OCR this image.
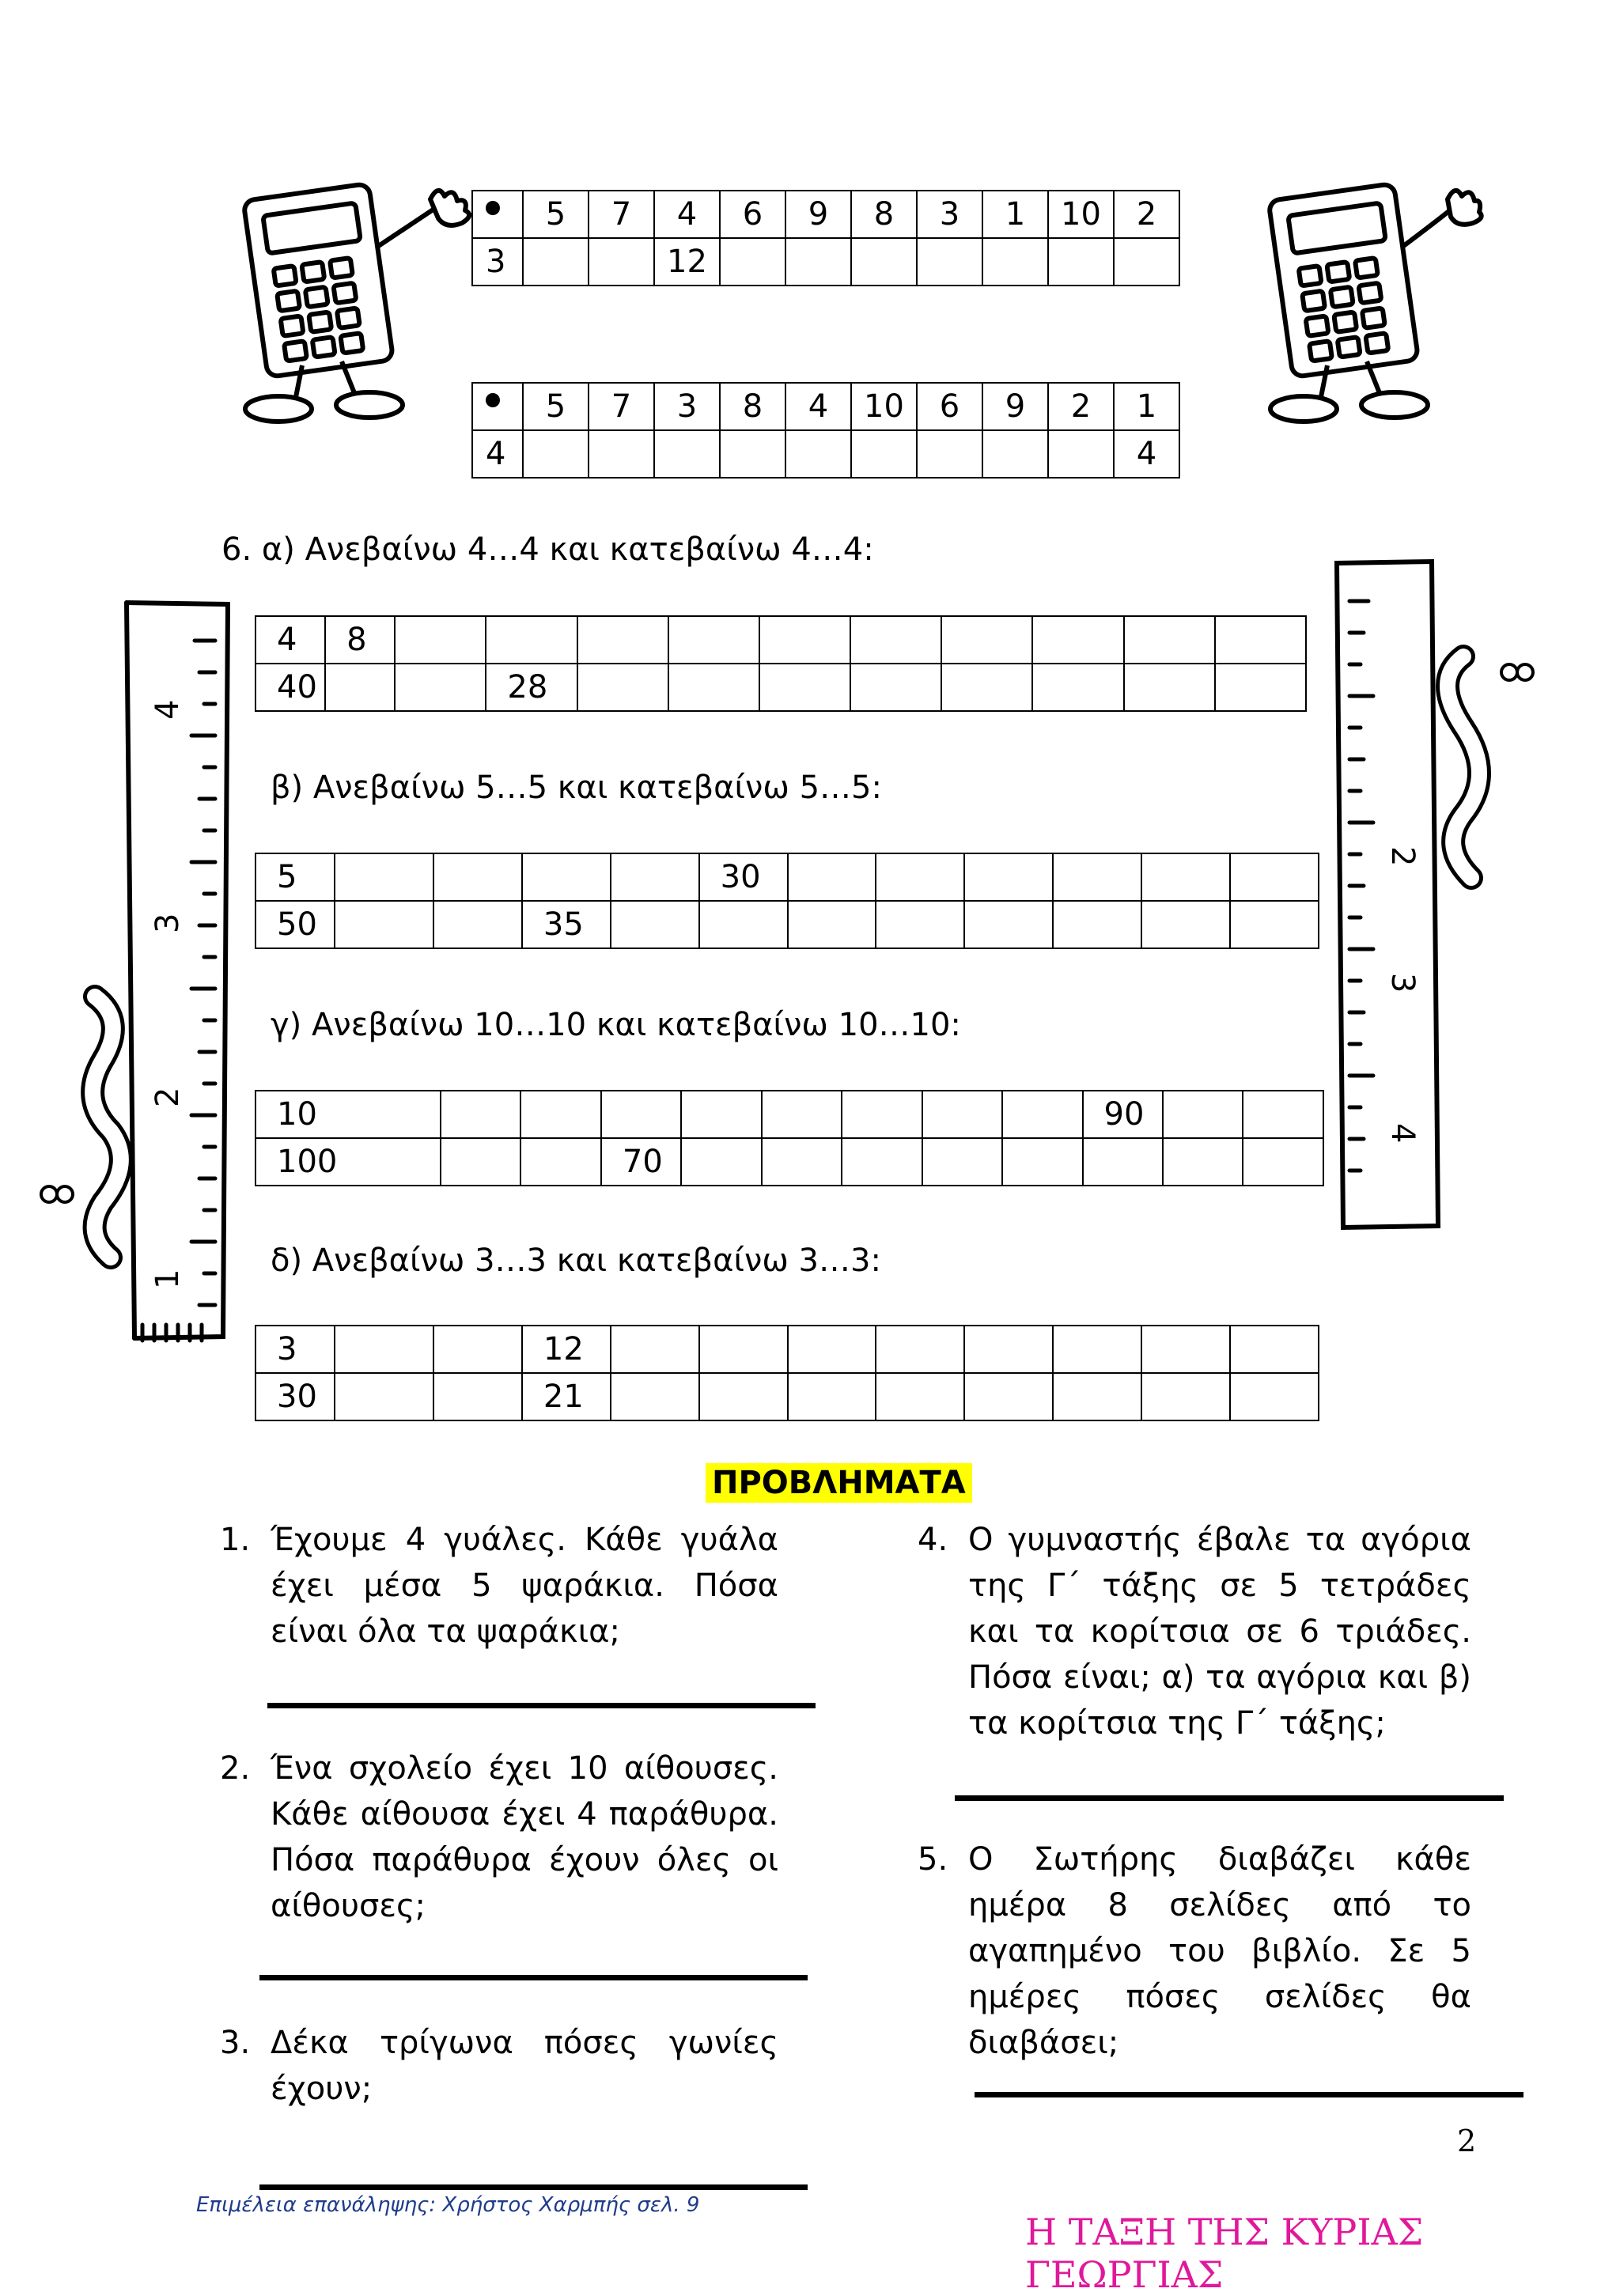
	5	7	4	6	9	8	3	1	10	2
3			12							
	5	7	3	8	4	10	6	9	2	1
4										4
4
3
2
1
2
3
4
6. α) Ανεβαίνω 4…4 και κατεβαίνω 4…4:
4	8										
40			28								
β) Ανεβαίνω 5…5 και κατεβαίνω 5…5:
5					30						
50			35								
γ) Ανεβαίνω 10…10 και κατεβαίνω 10…10:
10									90		
100			70								
δ) Ανεβαίνω 3…3 και κατεβαίνω 3…3:
3			12								
30			21								
ΠΡΟΒΛΗΜΑΤΑ
1. Έχουμε 4 γυάλες. Κάθε γυάλα έχει μέσα 5 ψαράκια. Πόσα είναι όλα τα ψαράκια;
2. Ένα σχολείο έχει 10 αίθουσες. Κάθε αίθουσα έχει 4 παράθυρα. Πόσα παράθυρα έχουν όλες οι αίθουσες;
3. Δέκα τρίγωνα πόσες γωνίες έχουν;
4. Ο γυμναστής έβαλε τα αγόρια της Γ΄ τάξης σε 5 τετράδες και τα κορίτσια σε 6 τριάδες. Πόσα είναι; α) τα αγόρια και β) τα κορίτσια της Γ΄ τάξης;
5. Ο Σωτήρης διαβάζει κάθε ημέρα 8 σελίδες από το αγαπημένο του βιβλίο. Σε 5 ημέρες πόσες σελίδες θα διαβάσει;
2
Επιμέλεια επανάληψης: Χρήστος Χαρμπής σελ. 9
Η ΤΑΞΗ ΤΗΣ ΚΥΡΙΑΣ ΓΕΩΡΓΙΑΣ
